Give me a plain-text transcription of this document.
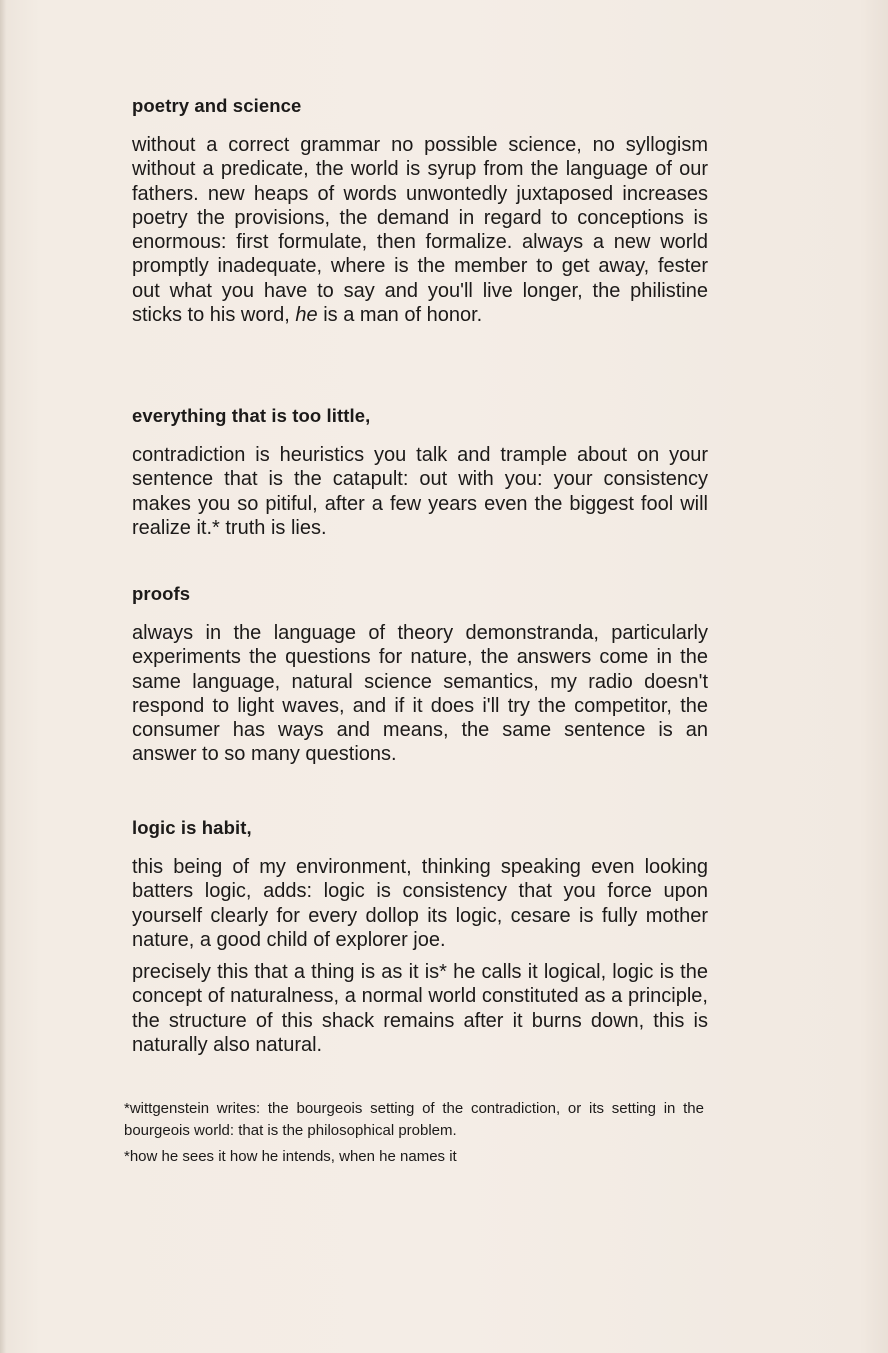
poetry and science

without a correct grammar no possible science, no syllogism without a predicate, the world is syrup from the language of our fathers. new heaps of words unwontedly juxtaposed increases poetry the provisions, the demand in regard to conceptions is enormous: first formulate, then formalize. always a new world promptly inadequate, where is the member to get away, fester out what you have to say and you'll live longer, the philistine sticks to his word, he is a man of honor.

everything that is too little,

contradiction is heuristics you talk and trample about on your sentence that is the catapult: out with you: your consistency makes you so pitiful, after a few years even the biggest fool will realize it.* truth is lies.

proofs

always in the language of theory demonstranda, particularly experiments the questions for nature, the answers come in the same language, natural science semantics, my radio doesn't respond to light waves, and if it does i'll try the competitor, the consumer has ways and means, the same sentence is an answer to so many questions.

logic is habit,

this being of my environment, thinking speaking even looking batters logic, adds: logic is consistency that you force upon yourself clearly for every dollop its logic, cesare is fully mother nature, a good child of explorer joe.

precisely this that a thing is as it is* he calls it logical, logic is the concept of naturalness, a normal world constituted as a principle, the structure of this shack remains after it burns down, this is naturally also natural.

*wittgenstein writes: the bourgeois setting of the contradiction, or its setting in the bourgeois world: that is the philosophical problem.

*how he sees it how he intends, when he names it
